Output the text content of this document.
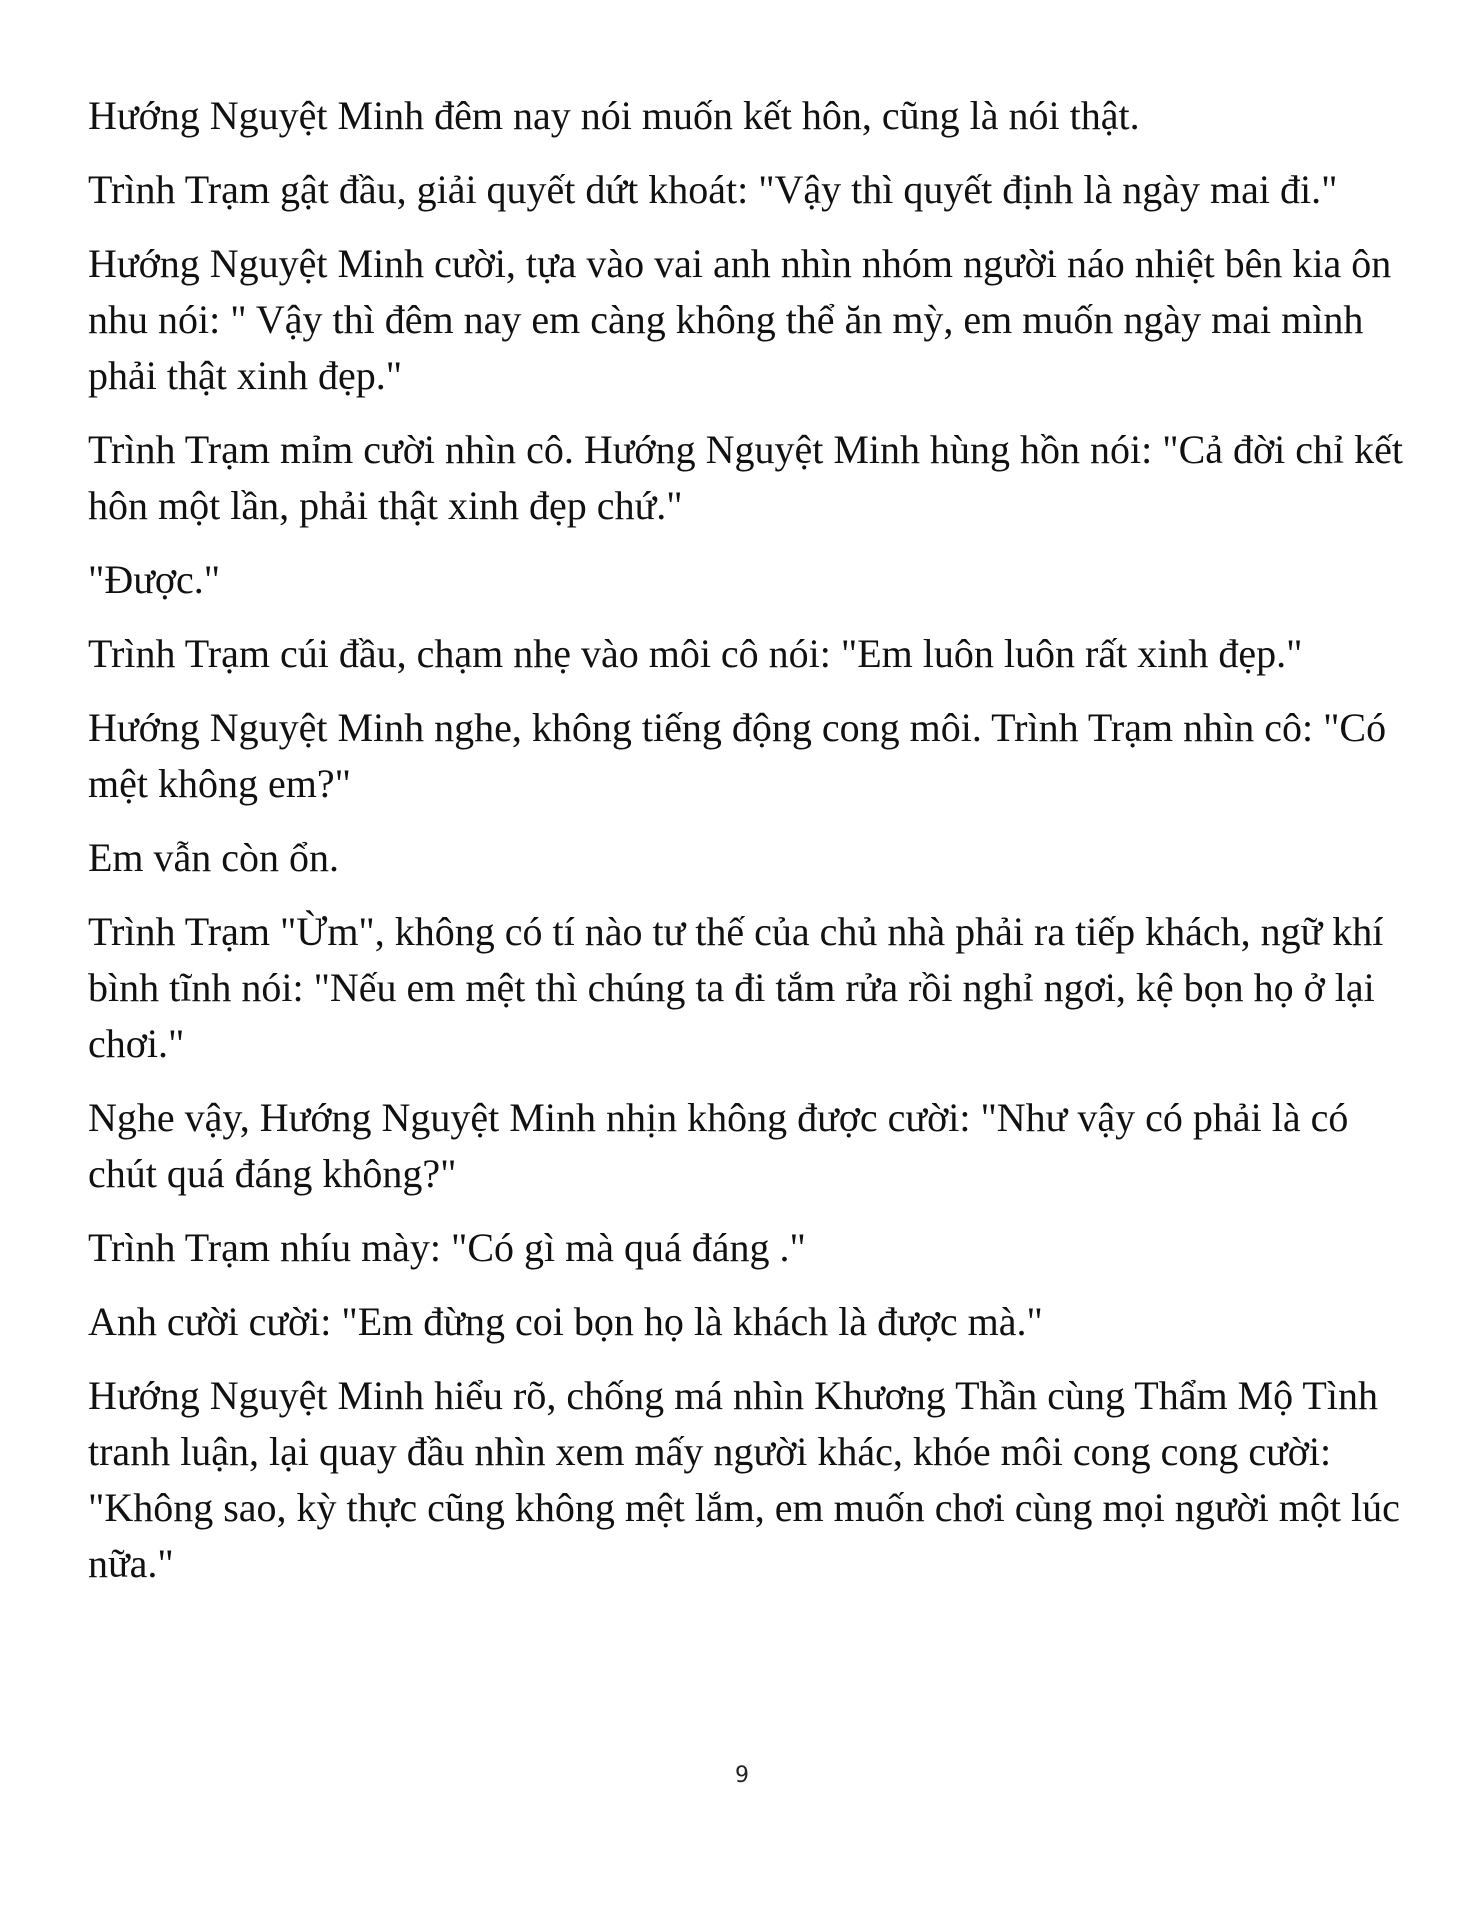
Hướng Nguyệt Minh đêm nay nói muốn kết hôn, cũng là nói thật.

Trình Trạm gật đầu, giải quyết dứt khoát: "Vậy thì quyết định là ngày mai đi."

Hướng Nguyệt Minh cười, tựa vào vai anh nhìn nhóm người náo nhiệt bên kia ôn nhu nói: " Vậy thì đêm nay em càng không thể ăn mỳ, em muốn ngày mai mình phải thật xinh đẹp."

Trình Trạm mỉm cười nhìn cô. Hướng Nguyệt Minh hùng hồn nói: "Cả đời chỉ kết hôn một lần, phải thật xinh đẹp chứ."

"Được."

Trình Trạm cúi đầu, chạm nhẹ vào môi cô nói: "Em luôn luôn rất xinh đẹp."

Hướng Nguyệt Minh nghe, không tiếng động cong môi. Trình Trạm nhìn cô: "Có mệt không em?"

Em vẫn còn ổn.

Trình Trạm "Ừm", không có tí nào tư thế của chủ nhà phải ra tiếp khách, ngữ khí bình tĩnh nói: "Nếu em mệt thì chúng ta đi tắm rửa rồi nghỉ ngơi, kệ bọn họ ở lại chơi."

Nghe vậy, Hướng Nguyệt Minh nhịn không được cười: "Như vậy có phải là có chút quá đáng không?"

Trình Trạm nhíu mày: "Có gì mà quá đáng ."

Anh cười cười: "Em đừng coi bọn họ là khách là được mà."

Hướng Nguyệt Minh hiểu rõ, chống má nhìn Khương Thần cùng Thẩm Mộ Tình tranh luận, lại quay đầu nhìn xem mấy người khác, khóe môi cong cong cười: "Không sao, kỳ thực cũng không mệt lắm, em muốn chơi cùng mọi người một lúc nữa."

9
